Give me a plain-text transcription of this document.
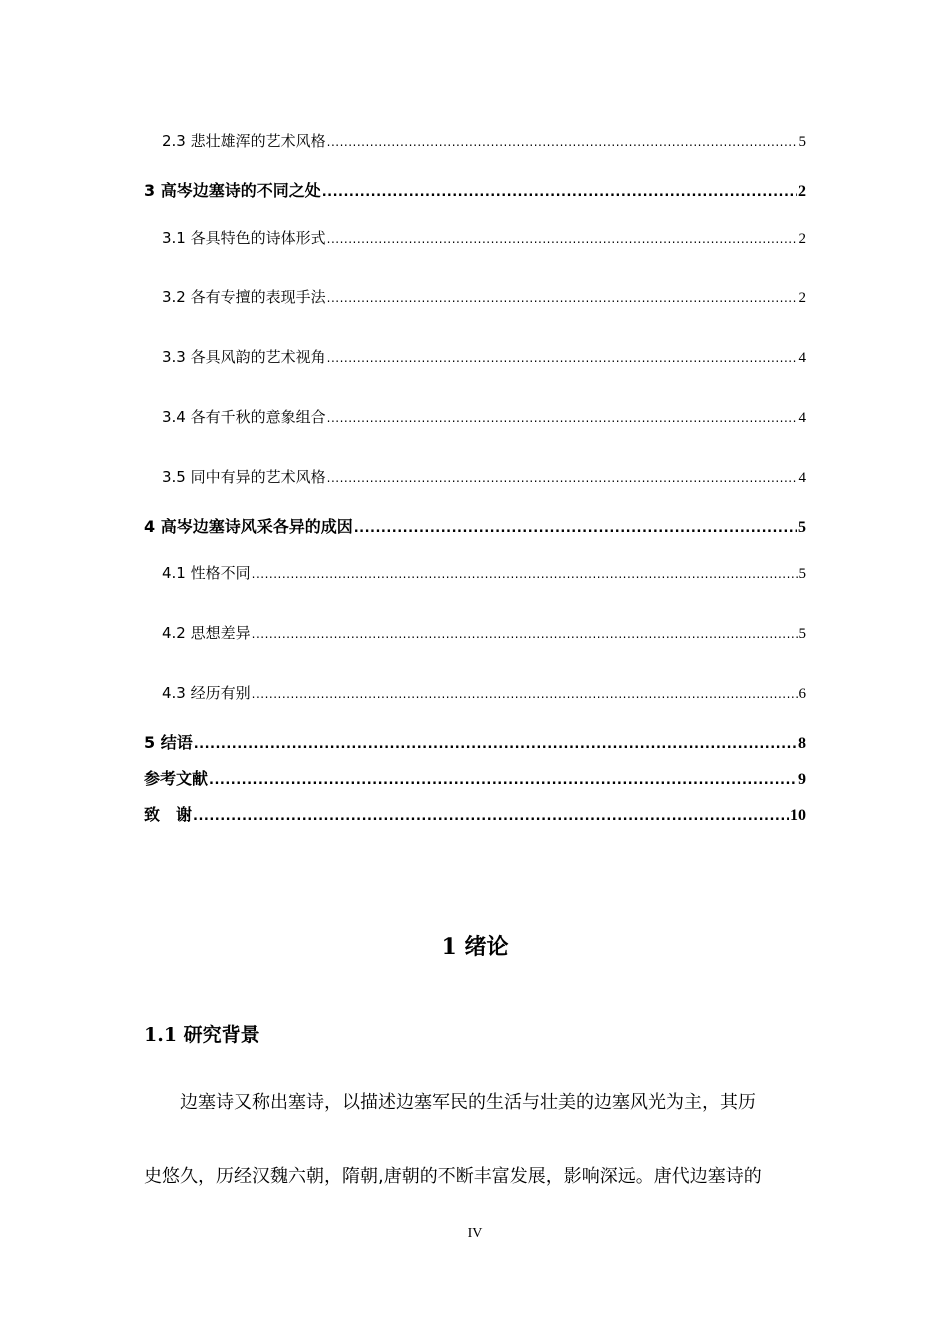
2.3 悲壮雄浑的艺术风格 .....	5
3 高岑边塞诗的不同之处 .....	2
3.1 各具特色的诗体形式 .....	2
3.2 各有专擅的表现手法 .....	2
3.3 各具风韵的艺术视角 .....	4
3.4 各有千秋的意象组合 .....	4
3.5 同中有异的艺术风格 .....	4
4 高岑边塞诗风采各异的成因 .....	5
4.1 性格不同 .....	5
4.2 思想差异 .....	5
4.3 经历有别 .....	6
5 结语 .....	8
参考文献 .....	9
致　谢 .....	10
1 绪论
1.1 研究背景
　　边塞诗又称出塞诗，以描述边塞军民的生活与壮美的边塞风光为主，其历
史悠久，历经汉魏六朝，隋朝,唐朝的不断丰富发展，影响深远。唐代边塞诗的
IV
